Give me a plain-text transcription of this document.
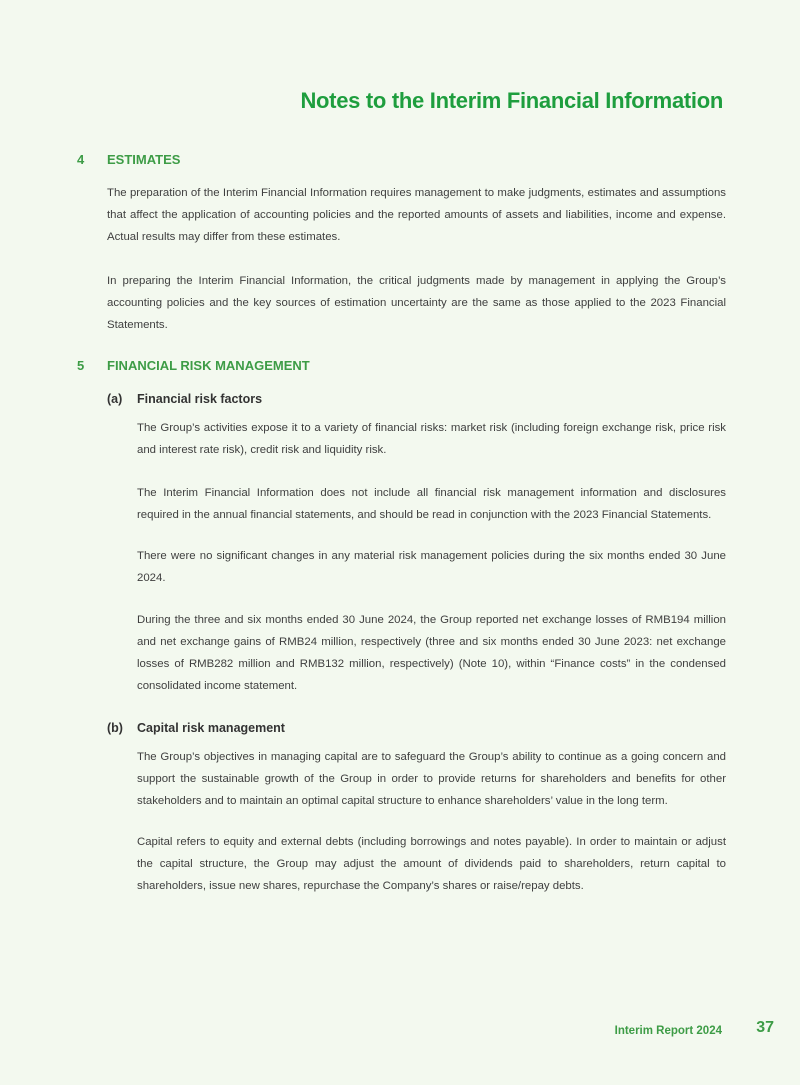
Notes to the Interim Financial Information
4 ESTIMATES

The preparation of the Interim Financial Information requires management to make judgments, estimates and assumptions that affect the application of accounting policies and the reported amounts of assets and liabilities, income and expense. Actual results may differ from these estimates.

In preparing the Interim Financial Information, the critical judgments made by management in applying the Group’s accounting policies and the key sources of estimation uncertainty are the same as those applied to the 2023 Financial Statements.

5 FINANCIAL RISK MANAGEMENT
(a) Financial risk factors

The Group’s activities expose it to a variety of financial risks: market risk (including foreign exchange risk, price risk and interest rate risk), credit risk and liquidity risk.

The Interim Financial Information does not include all financial risk management information and disclosures required in the annual financial statements, and should be read in conjunction with the 2023 Financial Statements.

There were no significant changes in any material risk management policies during the six months ended 30 June 2024.

During the three and six months ended 30 June 2024, the Group reported net exchange losses of RMB194 million and net exchange gains of RMB24 million, respectively (three and six months ended 30 June 2023: net exchange losses of RMB282 million and RMB132 million, respectively) (Note 10), within “Finance costs” in the condensed consolidated income statement.

(b) Capital risk management

The Group’s objectives in managing capital are to safeguard the Group’s ability to continue as a going concern and support the sustainable growth of the Group in order to provide returns for shareholders and benefits for other stakeholders and to maintain an optimal capital structure to enhance shareholders’ value in the long term.

Capital refers to equity and external debts (including borrowings and notes payable). In order to maintain or adjust the capital structure, the Group may adjust the amount of dividends paid to shareholders, return capital to shareholders, issue new shares, repurchase the Company’s shares or raise/repay debts.

Interim Report 2024 37
